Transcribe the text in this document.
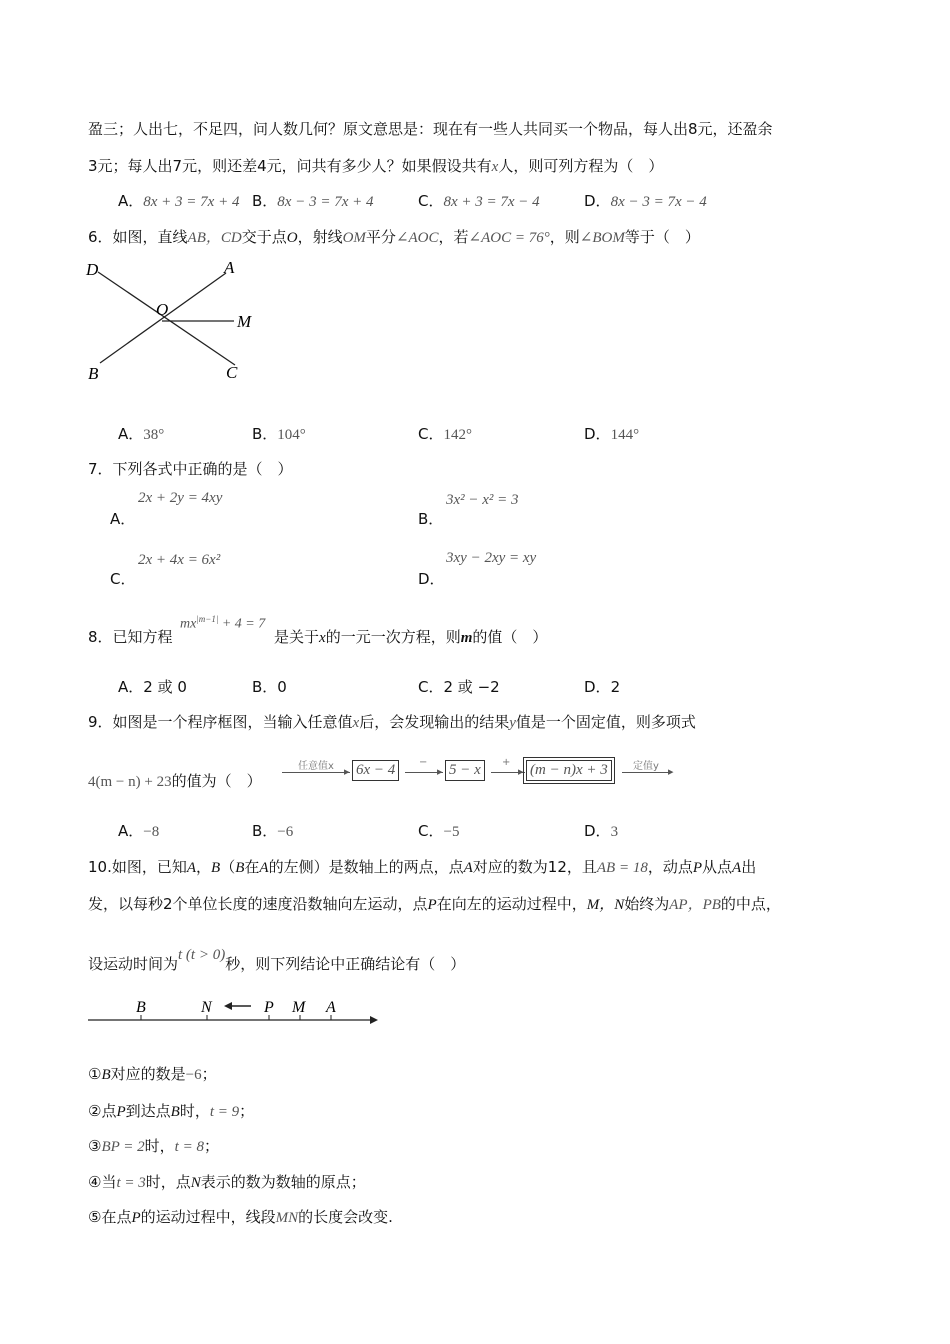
盈三；人出七，不足四，问人数几何？原文意思是：现在有一些人共同买一个物品，每人出8元，还盈余
3元；每人出7元，则还差4元，问共有多少人？如果假设共有x人，则可列方程为（　）
A．8x + 3 = 7x + 4 B．8x − 3 = 7x + 4	C．8x + 3 = 7x − 4	D．8x − 3 = 7x − 4
6．如图，直线AB，CD交于点O，射线OM平分∠AOC，若∠AOC = 76°，则∠BOM等于（　）
D	A
O
M
B	C
A．38°	B．104°	C．142°	D．144°
7．下列各式中正确的是（　）
2x + 2y = 4xy
A．
3x² − x² = 3
B．
2x + 4x = 6x²
C．
3xy − 2xy = xy
D．
8．已知方程
$mx^{|m-1|} + 4 = 7$
是关于x的一元一次方程，则m的值（　）
A．2 或 0	B．0	C．2 或 −2	D．2
9．如图是一个程序框图，当输入任意值x后，会发现输出的结果y值是一个固定值，则多项式
4(m − n) + 23的值为（　）
任意值x ▸ 6x − 4	−
▸ 5 − x	+
▸ (m − n)x + 3	定值y ▸
A．−8	B．−6	C．−5	D．3
10.如图，已知A，B（B在A的左侧）是数轴上的两点，点A对应的数为12，且AB = 18，动点P从点A出
发，以每秒2个单位长度的速度沿数轴向左运动，点P在向左的运动过程中，M，N始终为AP，PB的中点，
设运动时间为t (t > 0)秒，则下列结论中正确结论有（　）
B	N	P M A
①B对应的数是−6；
②点P到达点B时，t = 9；
③BP = 2时，t = 8；
④当t = 3时，点N表示的数为数轴的原点；
⑤在点P的运动过程中，线段MN的长度会改变.
